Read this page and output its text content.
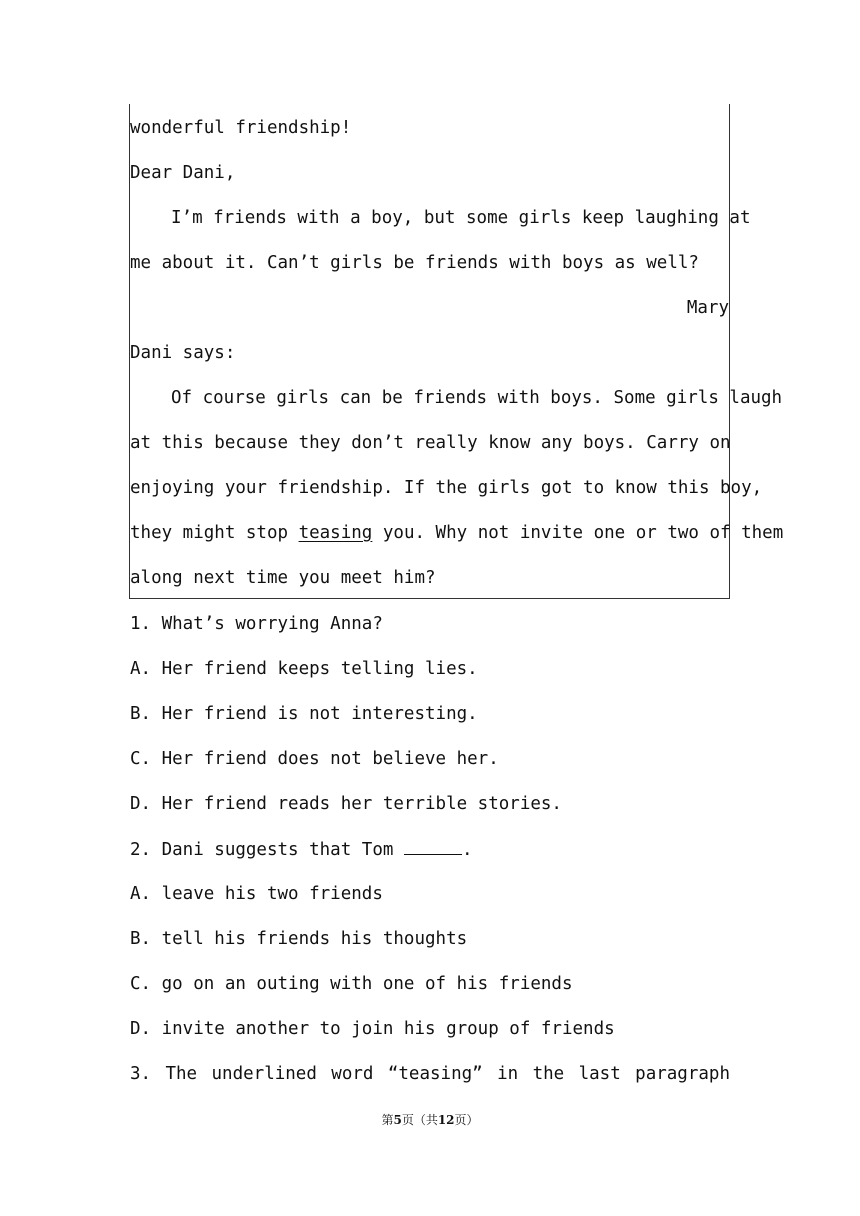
wonderful friendship!
Dear Dani,
I’m friends with a boy, but some girls keep laughing at
me about it. Can’t girls be friends with boys as well?
Mary
Dani says:
Of course girls can be friends with boys. Some girls laugh
at this because they don’t really know any boys. Carry on
enjoying your friendship. If the girls got to know this boy,
they might stop teasing you. Why not invite one or two of them
along next time you meet him?
1. What’s worrying Anna?
A. Her friend keeps telling lies.
B. Her friend is not interesting.
C. Her friend does not believe her.
D. Her friend reads her terrible stories.
2. Dani suggests that Tom	.
A. leave his two friends
B. tell his friends his thoughts
C. go on an outing with one of his friends
D. invite another to join his group of friends
3. The underlined word “teasing” in the last paragraph
第5页（共12页）
